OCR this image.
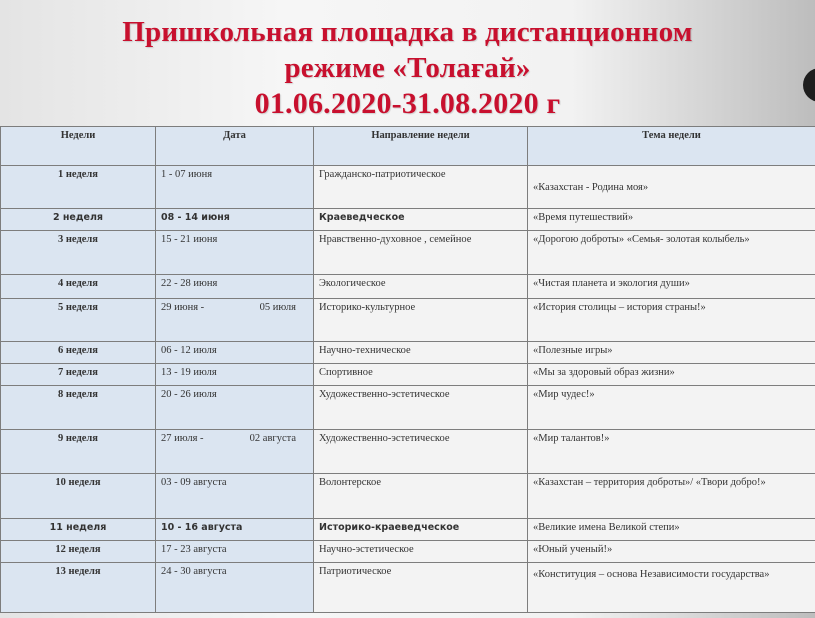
Пришкольная площадка в дистанционном
режиме «Толағай»
01.06.2020-31.08.2020 г
Недели	Дата	Направление недели	Тема недели
1 неделя	1 - 07 июня	Гражданско-патриотическое	«Казахстан - Родина моя»
2 неделя	08 - 14 июня	Краеведческое	«Время путешествий»
3 неделя	15 - 21 июня	Нравственно-духовное , семейное	«Дорогою доброты» «Семья- золотая колыбель»
4 неделя	22 - 28 июня	Экологическое	«Чистая планета и экология души»
5 неделя	29 июня - 05 июля	Историко-культурное	«История столицы – история страны!»
6 неделя	06 - 12 июля	Научно-техническое	«Полезные игры»
7 неделя	13 - 19 июля	Спортивное	«Мы за здоровый образ жизни»
8 неделя	20 - 26 июля	Художественно-эстетическое	«Мир чудес!»
9 неделя	27 июля - 02 августа	Художественно-эстетическое	«Мир талантов!»
10 неделя	03 - 09 августа	Волонтерское	«Казахстан – территория доброты»/ «Твори добро!»
11 неделя	10 - 16 августа	Историко-краеведческое	«Великие имена Великой степи»
12 неделя	17 - 23 августа	Научно-эстетическое	«Юный ученый!»
13 неделя	24 - 30 августа	Патриотическое	«Конституция – основа Независимости государства»
